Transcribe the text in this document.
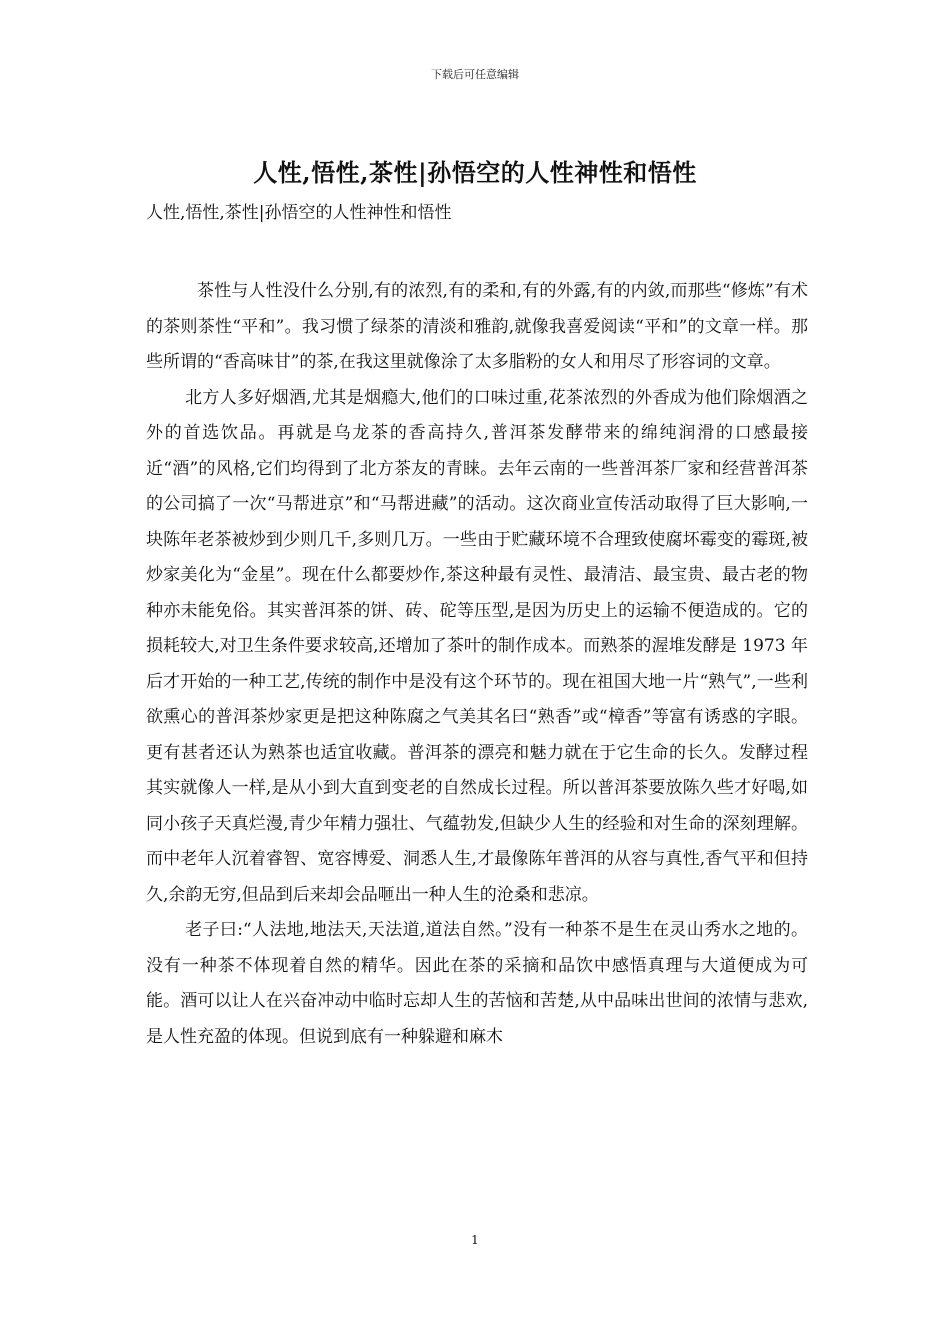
下载后可任意编辑
人性,悟性,茶性|孙悟空的人性神性和悟性
人性,悟性,茶性|孙悟空的人性神性和悟性

茶性与人性没什么分别,有的浓烈,有的柔和,有的外露,有的内敛,而那些“修炼”有术的茶则茶性“平和”。我习惯了绿茶的清淡和雅韵,就像我喜爱阅读“平和”的文章一样。那些所谓的“香高味甘”的茶,在我这里就像涂了太多脂粉的女人和用尽了形容词的文章。

北方人多好烟酒,尤其是烟瘾大,他们的口味过重,花茶浓烈的外香成为他们除烟酒之外的首选饮品。再就是乌龙茶的香高持久,普洱茶发酵带来的绵纯润滑的口感最接近“酒”的风格,它们均得到了北方茶友的青睐。去年云南的一些普洱茶厂家和经营普洱茶的公司搞了一次“马帮进京”和“马帮进藏”的活动。这次商业宣传活动取得了巨大影响,一块陈年老茶被炒到少则几千,多则几万。一些由于贮藏环境不合理致使腐坏霉变的霉斑,被炒家美化为“金星”。现在什么都要炒作,茶这种最有灵性、最清洁、最宝贵、最古老的物种亦未能免俗。其实普洱茶的饼、砖、砣等压型,是因为历史上的运输不便造成的。它的损耗较大,对卫生条件要求较高,还增加了茶叶的制作成本。而熟茶的渥堆发酵是 1973 年后才开始的一种工艺,传统的制作中是没有这个环节的。现在祖国大地一片“熟气”,一些利欲熏心的普洱茶炒家更是把这种陈腐之气美其名曰“熟香”或“樟香”等富有诱惑的字眼。更有甚者还认为熟茶也适宜收藏。普洱茶的漂亮和魅力就在于它生命的长久。发酵过程其实就像人一样,是从小到大直到变老的自然成长过程。所以普洱茶要放陈久些才好喝,如同小孩子天真烂漫,青少年精力强壮、气蕴勃发,但缺少人生的经验和对生命的深刻理解。而中老年人沉着睿智、宽容博爱、洞悉人生,才最像陈年普洱的从容与真性,香气平和但持久,余韵无穷,但品到后来却会品咂出一种人生的沧桑和悲凉。

老子曰:“人法地,地法天,天法道,道法自然。”没有一种茶不是生在灵山秀水之地的。没有一种茶不体现着自然的精华。因此在茶的采摘和品饮中感悟真理与大道便成为可能。酒可以让人在兴奋冲动中临时忘却人生的苦恼和苦楚,从中品味出世间的浓情与悲欢,是人性充盈的体现。但说到底有一种躲避和麻木

1
